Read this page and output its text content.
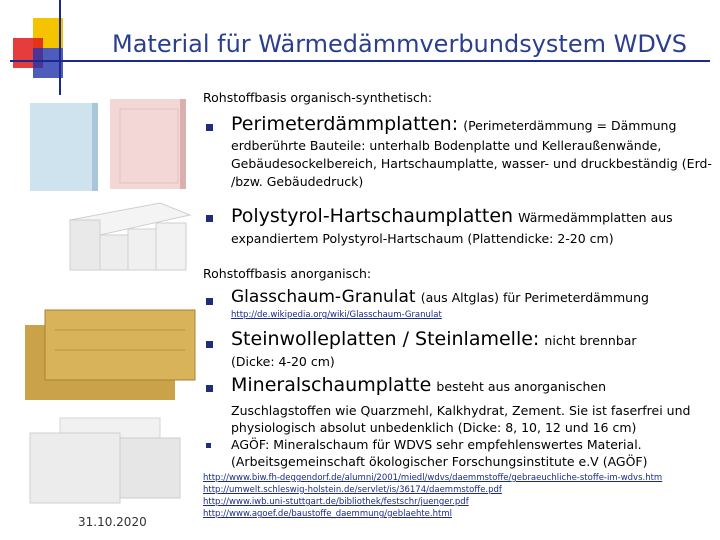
Material für Wärmedämmverbundsystem WDVS
Rohstoffbasis organisch-synthetisch:
Perimeterdämmplatten: (Perimeterdämmung = Dämmung
erdberührte Bauteile: unterhalb Bodenplatte und Kelleraußenwände,
Gebäudesockelbereich, Hartschaumplatte, wasser- und druckbeständig (Erd-
/bzw. Gebäudedruck)
Polystyrol-Hartschaumplatten Wärmedämmplatten aus
expandiertem Polystyrol-Hartschaum (Plattendicke: 2-20 cm)
Rohstoffbasis anorganisch:
Glasschaum-Granulat (aus Altglas) für Perimeterdämmung
http://de.wikipedia.org/wiki/Glasschaum-Granulat
Steinwolleplatten / Steinlamelle: nicht brennbar
(Dicke: 4-20 cm)
Mineralschaumplatte besteht aus anorganischen
Zuschlagstoffen wie Quarzmehl, Kalkhydrat, Zement. Sie ist faserfrei und
physiologisch absolut unbedenklich (Dicke: 8, 10, 12 und 16 cm)
AGÖF: Mineralschaum für WDVS sehr empfehlenswertes Material.
(Arbeitsgemeinschaft ökologischer Forschungsinstitute e.V (AGÖF)
http://www.biw.fh-deggendorf.de/alumni/2001/miedl/wdvs/daemmstoffe/gebraeuchliche-stoffe-im-wdvs.htm
http://umwelt.schleswig-holstein.de/servlet/is/36174/daemmstoffe.pdf
http://www.iwb.uni-stuttgart.de/bibliothek/festschr/juenger.pdf
http://www.agoef.de/baustoffe_daemmung/geblaehte.html
31.10.2020
